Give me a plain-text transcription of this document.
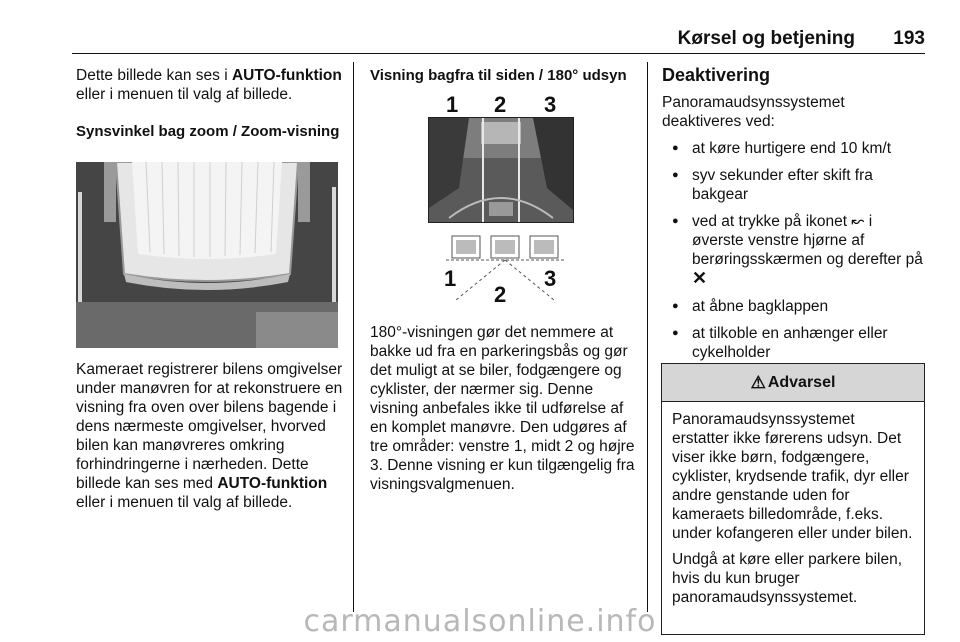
Kørsel og betjening 193

Dette billede kan ses i AUTO-funktion eller i menuen til valg af billede.

Synsvinkel bag zoom / Zoom-visning

Kameraet registrerer bilens omgivelser under manøvren for at rekonstruere en visning fra oven over bilens bagende i dens nærmeste omgivelser, hvorved bilen kan manøvreres omkring forhindringerne i nærheden. Dette billede kan ses med AUTO-funktion eller i menuen til valg af billede.

Visning bagfra til siden / 180° udsyn

1 2 3
1
2
3

180°-visningen gør det nemmere at bakke ud fra en parkeringsbås og gør det muligt at se biler, fodgængere og cyklister, der nærmer sig. Denne visning anbefales ikke til udførelse af en komplet manøvre. Den udgøres af tre områder: venstre 1, midt 2 og højre 3. Denne visning er kun tilgængelig fra visningsvalgmenuen.

Deaktivering

Panoramaudsynssystemet deaktiveres ved:

● at køre hurtigere end 10 km/t
● syv sekunder efter skift fra bakgear
● ved at trykke på ikonet ↜ i øverste venstre hjørne af berøringsskærmen og derefter på ✕
● at åbne bagklappen
● at tilkoble en anhænger eller cykelholder

⚠ Advarsel

Panoramaudsynssystemet erstatter ikke førerens udsyn. Det viser ikke børn, fodgængere, cyklister, krydsende trafik, dyr eller andre genstande uden for kameraets billedområde, f.eks. under kofangeren eller under bilen.

Undgå at køre eller parkere bilen, hvis du kun bruger panoramaudsynssystemet.

carmanualsonline.info
